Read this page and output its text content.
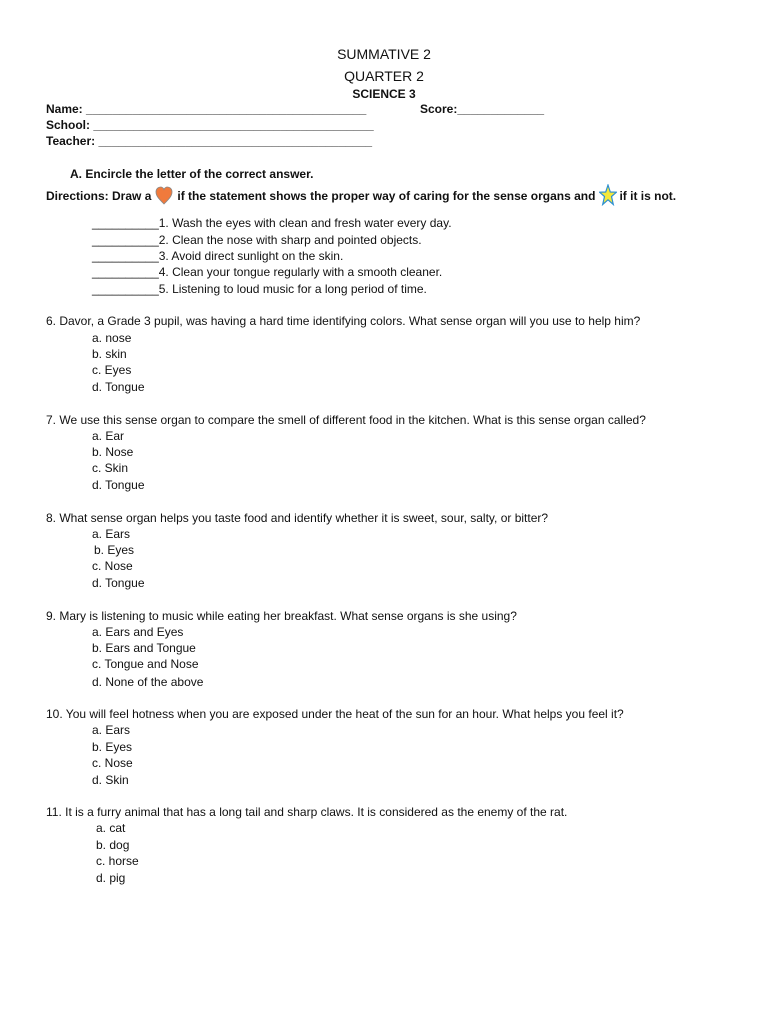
SUMMATIVE 2
QUARTER 2
SCIENCE 3
Name: __________________________________________	Score:_____________
School: __________________________________________
Teacher: _________________________________________
A. Encircle the letter of the correct answer.
Directions: Draw a if the statement shows the proper way of caring for the sense organs and if it is not.
__________1. Wash the eyes with clean and fresh water every day.
__________2. Clean the nose with sharp and pointed objects.
__________3. Avoid direct sunlight on the skin.
__________4. Clean your tongue regularly with a smooth cleaner.
__________5. Listening to loud music for a long period of time.
6. Davor, a Grade 3 pupil, was having a hard time identifying colors. What sense organ will you use to help him?
a. nose
b. skin
c. Eyes
d. Tongue
7. We use this sense organ to compare the smell of different food in the kitchen. What is this sense organ called?
a. Ear
b. Nose
c. Skin
d. Tongue
8. What sense organ helps you taste food and identify whether it is sweet, sour, salty, or bitter?
a. Ears
b. Eyes
c. Nose
d. Tongue
9. Mary is listening to music while eating her breakfast. What sense organs is she using?
a. Ears and Eyes
b. Ears and Tongue
c. Tongue and Nose
d. None of the above
10. You will feel hotness when you are exposed under the heat of the sun for an hour. What helps you feel it?
a. Ears
b. Eyes
c. Nose
d. Skin
11. It is a furry animal that has a long tail and sharp claws. It is considered as the enemy of the rat.
a. cat
b. dog
c. horse
d. pig
